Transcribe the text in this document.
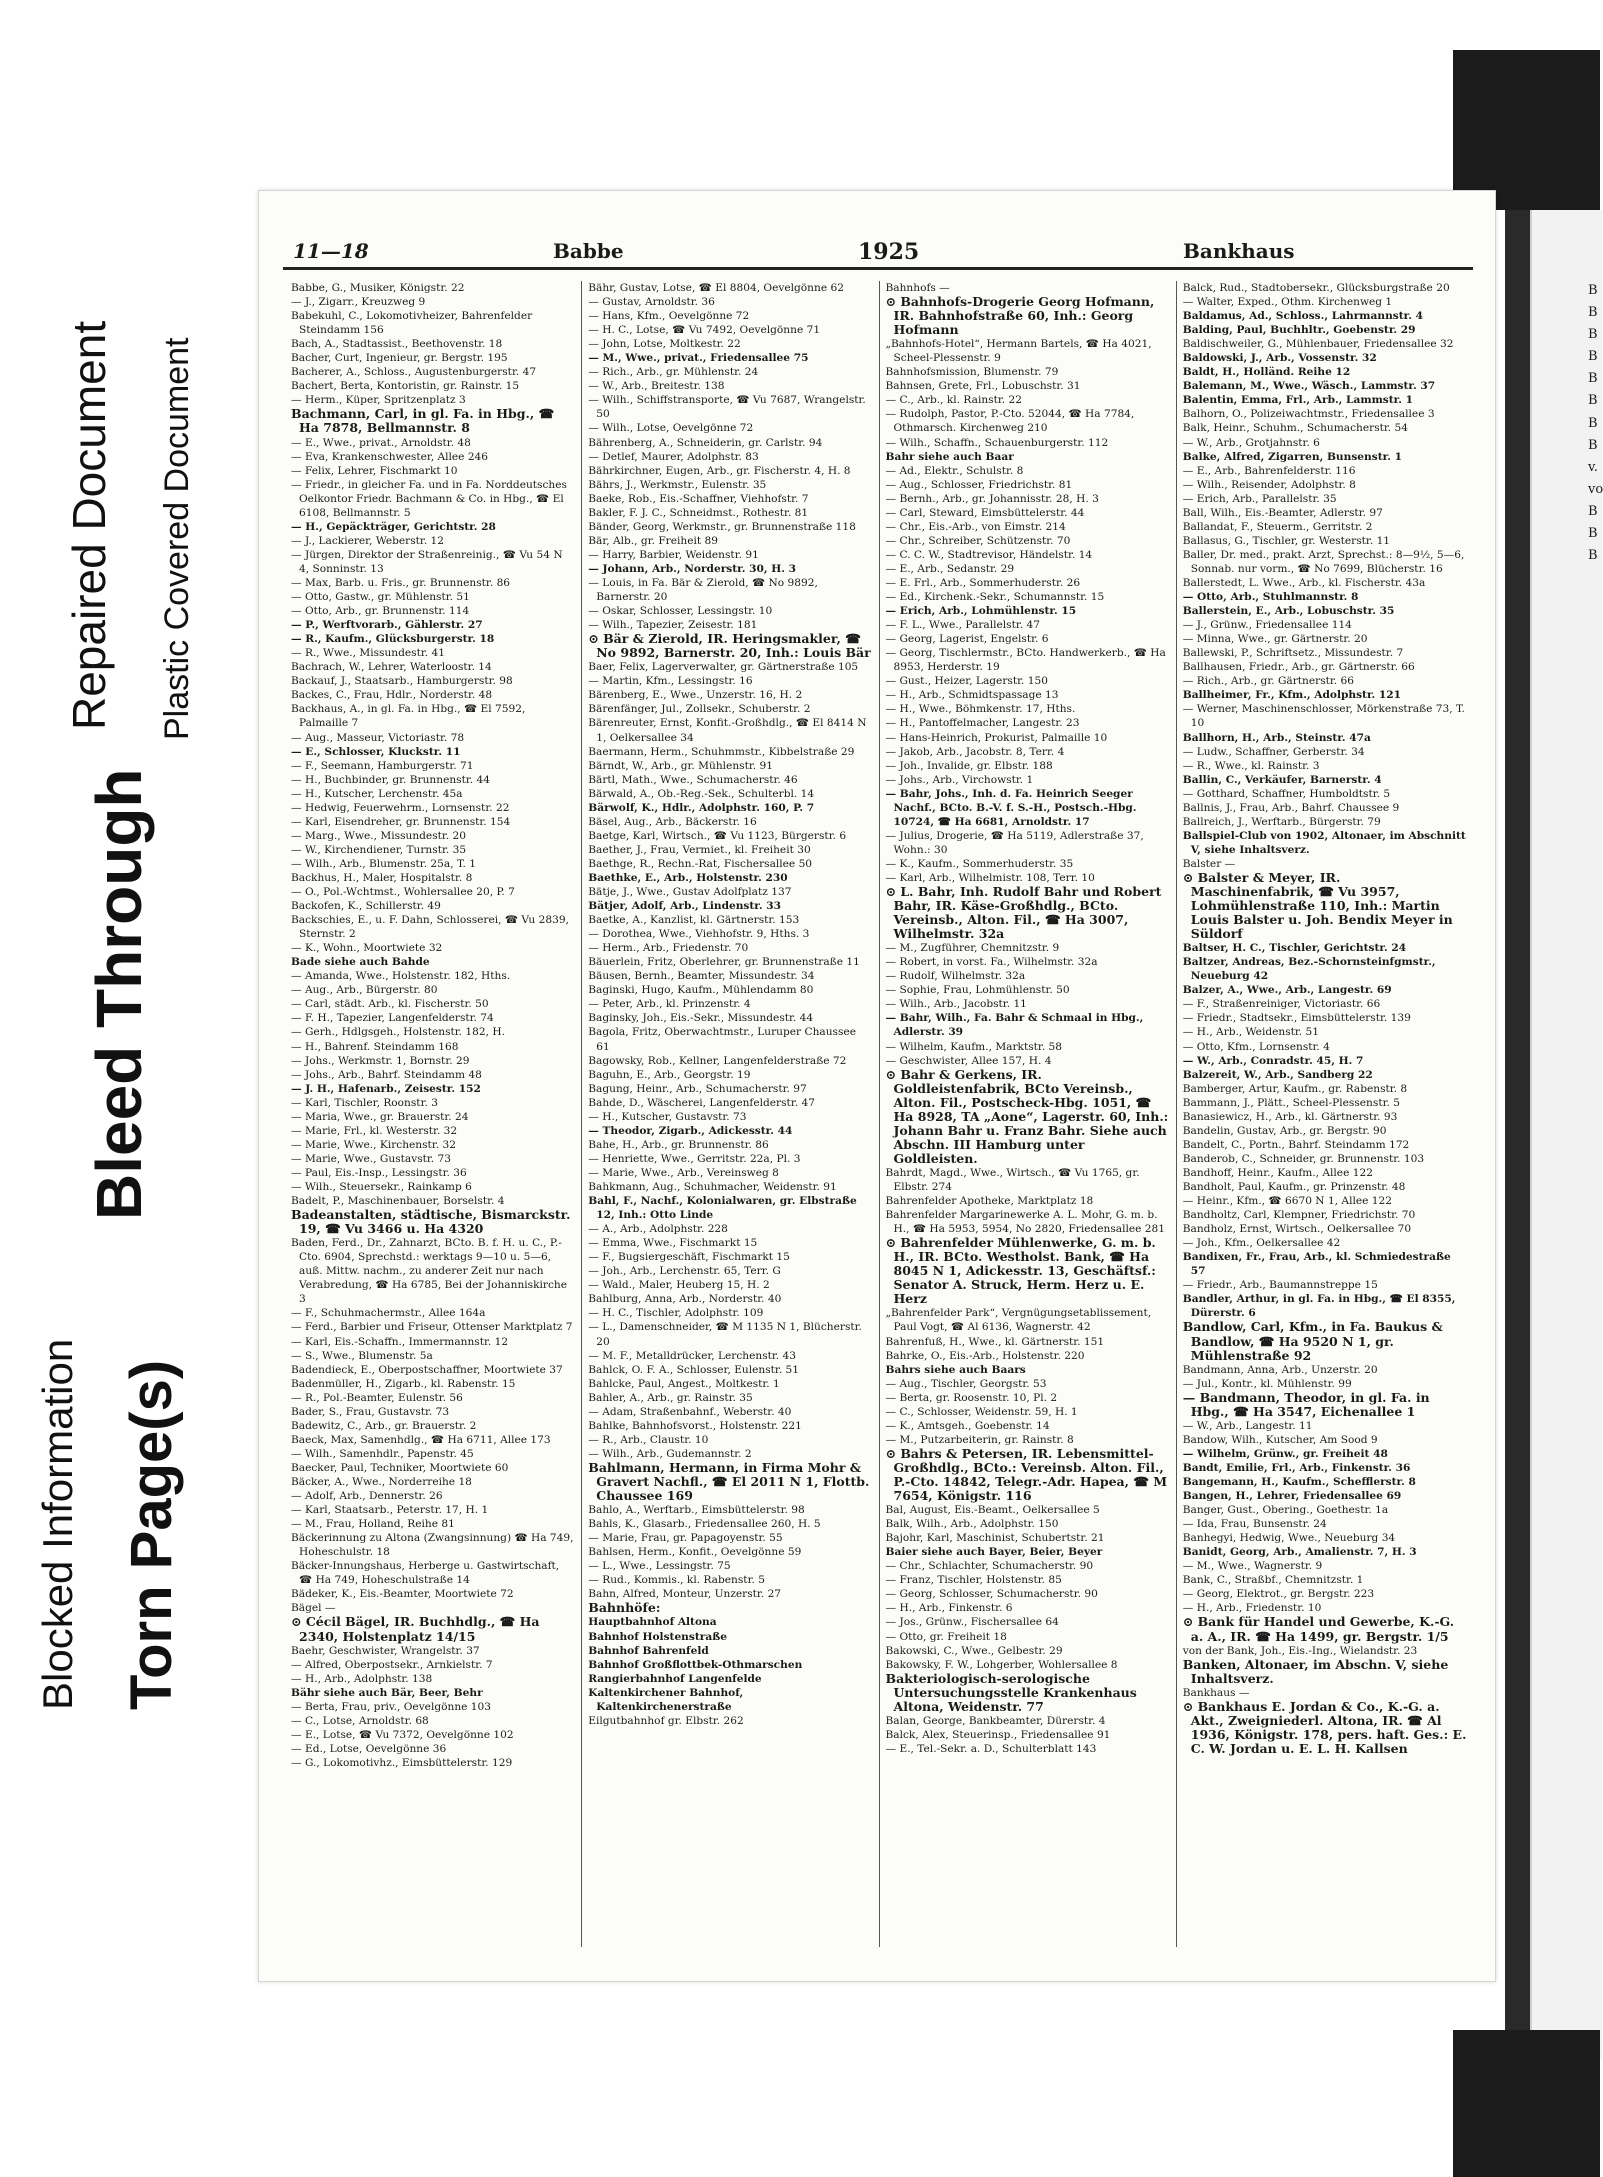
Repaired Document Plastic Covered Document
Bleed Through
Blocked Information Torn Page(s)
B
B
B
B
B
B
B
B
v.
vo
B
B
B
11—18	Babbe	1925	Bankhaus

Babbe, G., Musiker, Königstr. 22

— J., Zigarr., Kreuzweg 9

Babekuhl, C., Lokomotivheizer, Bahrenfelder Steindamm 156

Bach, A., Stadtassist., Beethovenstr. 18

Bacher, Curt, Ingenieur, gr. Bergstr. 195

Bacherer, A., Schloss., Augustenburgerstr. 47

Bachert, Berta, Kontoristin, gr. Rainstr. 15

— Herm., Küper, Spritzenplatz 3

Bachmann, Carl, in gl. Fa. in Hbg., ☎ Ha 7878, Bellmannstr. 8

— E., Wwe., privat., Arnoldstr. 48

— Eva, Krankenschwester, Allee 246

— Felix, Lehrer, Fischmarkt 10

— Friedr., in gleicher Fa. und in Fa. Norddeutsches Oelkontor Friedr. Bachmann & Co. in Hbg., ☎ El 6108, Bellmannstr. 5

— H., Gepäckträger, Gerichtstr. 28

— J., Lackierer, Weberstr. 12

— Jürgen, Direktor der Straßenreinig., ☎ Vu 54 N 4, Sonninstr. 13

— Max, Barb. u. Fris., gr. Brunnenstr. 86

— Otto, Gastw., gr. Mühlenstr. 51

— Otto, Arb., gr. Brunnenstr. 114

— P., Werftvorarb., Gählerstr. 27

— R., Kaufm., Glücksburgerstr. 18

— R., Wwe., Missundestr. 41

Bachrach, W., Lehrer, Waterloostr. 14

Backauf, J., Staatsarb., Hamburgerstr. 98

Backes, C., Frau, Hdlr., Norderstr. 48

Backhaus, A., in gl. Fa. in Hbg., ☎ El 7592, Palmaille 7

— Aug., Masseur, Victoriastr. 78

— E., Schlosser, Kluckstr. 11

— F., Seemann, Hamburgerstr. 71

— H., Buchbinder, gr. Brunnenstr. 44

— H., Kutscher, Lerchenstr. 45a

— Hedwig, Feuerwehrm., Lornsenstr. 22

— Karl, Eisendreher, gr. Brunnenstr. 154

— Marg., Wwe., Missundestr. 20

— W., Kirchendiener, Turnstr. 35

— Wilh., Arb., Blumenstr. 25a, T. 1

Backhus, H., Maler, Hospitalstr. 8

— O., Pol.-Wchtmst., Wohlersallee 20, P. 7

Backofen, K., Schillerstr. 49

Backschies, E., u. F. Dahn, Schlosserei, ☎ Vu 2839, Sternstr. 2

— K., Wohn., Moortwiete 32

Bade siehe auch Bahde

— Amanda, Wwe., Holstenstr. 182, Hths.

— Aug., Arb., Bürgerstr. 80

— Carl, städt. Arb., kl. Fischerstr. 50

— F. H., Tapezier, Langenfelderstr. 74

— Gerh., Hdlgsgeh., Holstenstr. 182, H.

— H., Bahrenf. Steindamm 168

— Johs., Werkmstr. 1, Bornstr. 29

— Johs., Arb., Bahrf. Steindamm 48

— J. H., Hafenarb., Zeisestr. 152

— Karl, Tischler, Roonstr. 3

— Maria, Wwe., gr. Brauerstr. 24

— Marie, Frl., kl. Westerstr. 32

— Marie, Wwe., Kirchenstr. 32

— Marie, Wwe., Gustavstr. 73

— Paul, Eis.-Insp., Lessingstr. 36

— Wilh., Steuersekr., Rainkamp 6

Badelt, P., Maschinenbauer, Borselstr. 4

Badeanstalten, städtische, Bismarckstr. 19, ☎ Vu 3466 u. Ha 4320

Baden, Ferd., Dr., Zahnarzt, BCto. B. f. H. u. C., P.-Cto. 6904, Sprechstd.: werktags 9—10 u. 5—6, auß. Mittw. nachm., zu anderer Zeit nur nach Verabredung, ☎ Ha 6785, Bei der Johanniskirche 3

— F., Schuhmachermstr., Allee 164a

— Ferd., Barbier und Friseur, Ottenser Marktplatz 7

— Karl, Eis.-Schaffn., Immermannstr. 12

— S., Wwe., Blumenstr. 5a

Badendieck, E., Oberpostschaffner, Moortwiete 37

Badenmüller, H., Zigarb., kl. Rabenstr. 15

— R., Pol.-Beamter, Eulenstr. 56

Bader, S., Frau, Gustavstr. 73

Badewitz, C., Arb., gr. Brauerstr. 2

Baeck, Max, Samenhdlg., ☎ Ha 6711, Allee 173

— Wilh., Samenhdlr., Papenstr. 45

Baecker, Paul, Techniker, Moortwiete 60

Bäcker, A., Wwe., Norderreihe 18

— Adolf, Arb., Dennerstr. 26

— Karl, Staatsarb., Peterstr. 17, H. 1

— M., Frau, Holland, Reihe 81

Bäckerinnung zu Altona (Zwangsinnung) ☎ Ha 749, Hoheschulstr. 18

Bäcker-Innungshaus, Herberge u. Gastwirtschaft, ☎ Ha 749, Hoheschulstraße 14

Bädeker, K., Eis.-Beamter, Moortwiete 72

Bägel —

⊙ Cécil Bägel, IR. Buchhdlg., ☎ Ha 2340, Holstenplatz 14/15

Baehr, Geschwister, Wrangelstr. 37

— Alfred, Oberpostsekr., Arnkielstr. 7

— H., Arb., Adolphstr. 138

Bähr siehe auch Bär, Beer, Behr

— Berta, Frau, priv., Oevelgönne 103

— C., Lotse, Arnoldstr. 68

— E., Lotse, ☎ Vu 7372, Oevelgönne 102

— Ed., Lotse, Oevelgönne 36

— G., Lokomotivhz., Eimsbüttelerstr. 129

Bähr, Gustav, Lotse, ☎ El 8804, Oevelgönne 62

— Gustav, Arnoldstr. 36

— Hans, Kfm., Oevelgönne 72

— H. C., Lotse, ☎ Vu 7492, Oevelgönne 71

— John, Lotse, Moltkestr. 22

— M., Wwe., privat., Friedensallee 75

— Rich., Arb., gr. Mühlenstr. 24

— W., Arb., Breitestr. 138

— Wilh., Schiffstransporte, ☎ Vu 7687, Wrangelstr. 50

— Wilh., Lotse, Oevelgönne 72

Bährenberg, A., Schneiderin, gr. Carlstr. 94

— Detlef, Maurer, Adolphstr. 83

Bährkirchner, Eugen, Arb., gr. Fischerstr. 4, H. 8

Bährs, J., Werkmstr., Eulenstr. 35

Baeke, Rob., Eis.-Schaffner, Viehhofstr. 7

Bakler, F. J. C., Schneidmst., Rothestr. 81

Bänder, Georg, Werkmstr., gr. Brunnenstraße 118

Bär, Alb., gr. Freiheit 89

— Harry, Barbier, Weidenstr. 91

— Johann, Arb., Norderstr. 30, H. 3

— Louis, in Fa. Bär & Zierold, ☎ Nо 9892, Barnerstr. 20

— Oskar, Schlosser, Lessingstr. 10

— Wilh., Tapezier, Zeisestr. 181

⊙ Bär & Zierold, IR. Heringsmakler, ☎ No 9892, Barnerstr. 20, Inh.: Louis Bär

Baer, Felix, Lagerverwalter, gr. Gärtnerstraße 105

— Martin, Kfm., Lessingstr. 16

Bärenberg, E., Wwe., Unzerstr. 16, H. 2

Bärenfänger, Jul., Zollsekr., Schuberstr. 2

Bärenreuter, Ernst, Konfit.-Großhdlg., ☎ El 8414 N 1, Oelkersallee 34

Baermann, Herm., Schuhmmstr., Kibbelstraße 29

Bärndt, W., Arb., gr. Mühlenstr. 91

Bärtl, Math., Wwe., Schumacherstr. 46

Bärwald, A., Ob.-Reg.-Sek., Schulterbl. 14

Bärwolf, K., Hdlr., Adolphstr. 160, P. 7

Bäsel, Aug., Arb., Bäckerstr. 16

Baetge, Karl, Wirtsch., ☎ Vu 1123, Bürgerstr. 6

Baether, J., Frau, Vermiet., kl. Freiheit 30

Baethge, R., Rechn.-Rat, Fischersallee 50

Baethke, E., Arb., Holstenstr. 230

Bätje, J., Wwe., Gustav Adolfplatz 137

Bätjer, Adolf, Arb., Lindenstr. 33

Baetke, A., Kanzlist, kl. Gärtnerstr. 153

— Dorothea, Wwe., Viehhofstr. 9, Hths. 3

— Herm., Arb., Friedenstr. 70

Bäuerlein, Fritz, Oberlehrer, gr. Brunnenstraße 11

Bäusen, Bernh., Beamter, Missundestr. 34

Baginski, Hugo, Kaufm., Mühlendamm 80

— Peter, Arb., kl. Prinzenstr. 4

Baginsky, Joh., Eis.-Sekr., Missundestr. 44

Bagola, Fritz, Oberwachtmstr., Luruper Chaussee 61

Bagowsky, Rob., Kellner, Langenfelderstraße 72

Baguhn, E., Arb., Georgstr. 19

Bagung, Heinr., Arb., Schumacherstr. 97

Bahde, D., Wäscherei, Langenfelderstr. 47

— H., Kutscher, Gustavstr. 73

— Theodor, Zigarb., Adickesstr. 44

Bahe, H., Arb., gr. Brunnenstr. 86

— Henriette, Wwe., Gerritstr. 22a, Pl. 3

— Marie, Wwe., Arb., Vereinsweg 8

Bahkmann, Aug., Schuhmacher, Weidenstr. 91

Bahl, F., Nachf., Kolonialwaren, gr. Elbstraße 12, Inh.: Otto Linde

— A., Arb., Adolphstr. 228

— Emma, Wwe., Fischmarkt 15

— F., Bugsiergeschäft, Fischmarkt 15

— Joh., Arb., Lerchenstr. 65, Terr. G

— Wald., Maler, Heuberg 15, H. 2

Bahlburg, Anna, Arb., Norderstr. 40

— H. C., Tischler, Adolphstr. 109

— L., Damenschneider, ☎ M 1135 N 1, Blücherstr. 20

— M. F., Metalldrücker, Lerchenstr. 43

Bahlck, O. F. A., Schlosser, Eulenstr. 51

Bahlcke, Paul, Angest., Moltkestr. 1

Bahler, A., Arb., gr. Rainstr. 35

— Adam, Straßenbahnf., Weberstr. 40

Bahlke, Bahnhofsvorst., Holstenstr. 221

— R., Arb., Claustr. 10

— Wilh., Arb., Gudemannstr. 2

Bahlmann, Hermann, in Firma Mohr & Gravert Nachfl., ☎ El 2011 N 1, Flottb. Chaussee 169

Bahlo, A., Werftarb., Eimsbüttelerstr. 98

Bahls, K., Glasarb., Friedensallee 260, H. 5

— Marie, Frau, gr. Papagoyenstr. 55

Bahlsen, Herm., Konfit., Oevelgönne 59

— L., Wwe., Lessingstr. 75

— Rud., Kommis., kl. Rabenstr. 5

Bahn, Alfred, Monteur, Unzerstr. 27

Bahnhöfe:

Hauptbahnhof Altona

Bahnhof Holstenstraße

Bahnhof Bahrenfeld

Bahnhof Großflottbek-Othmarschen

Rangierbahnhof Langenfelde

Kaltenkirchener Bahnhof, Kaltenkirchenerstraße

Eilgutbahnhof gr. Elbstr. 262

Bahnhofs —

⊙ Bahnhofs-Drogerie Georg Hofmann, IR. Bahnhofstraße 60, Inh.: Georg Hofmann

„Bahnhofs-Hotel“, Hermann Bartels, ☎ Ha 4021, Scheel-Plessenstr. 9

Bahnhofsmission, Blumenstr. 79

Bahnsen, Grete, Frl., Lobuschstr. 31

— C., Arb., kl. Rainstr. 22

— Rudolph, Pastor, P.-Cto. 52044, ☎ Ha 7784, Othmarsch. Kirchenweg 210

— Wilh., Schaffn., Schauenburgerstr. 112

Bahr siehe auch Baar

— Ad., Elektr., Schulstr. 8

— Aug., Schlosser, Friedrichstr. 81

— Bernh., Arb., gr. Johannisstr. 28, H. 3

— Carl, Steward, Eimsbüttelerstr. 44

— Chr., Eis.-Arb., von Eimstr. 214

— Chr., Schreiber, Schützenstr. 70

— C. C. W., Stadtrevisor, Händelstr. 14

— E., Arb., Sedanstr. 29

— E. Frl., Arb., Sommerhuderstr. 26

— Ed., Kirchenk.-Sekr., Schumannstr. 15

— Erich, Arb., Lohmühlenstr. 15

— F. L., Wwe., Parallelstr. 47

— Georg, Lagerist, Engelstr. 6

— Georg, Tischlermstr., BCto. Handwerkerb., ☎ Ha 8953, Herderstr. 19

— Gust., Heizer, Lagerstr. 150

— H., Arb., Schmidtspassage 13

— H., Wwe., Böhmkenstr. 17, Hths.

— H., Pantoffelmacher, Langestr. 23

— Hans-Heinrich, Prokurist, Palmaille 10

— Jakob, Arb., Jacobstr. 8, Terr. 4

— Joh., Invalide, gr. Elbstr. 188

— Johs., Arb., Virchowstr. 1

— Bahr, Johs., Inh. d. Fa. Heinrich Seeger Nachf., BCto. B.-V. f. S.-H., Postsch.-Hbg. 10724, ☎ Ha 6681, Arnoldstr. 17

— Julius, Drogerie, ☎ Ha 5119, Adlerstraße 37, Wohn.: 30

— K., Kaufm., Sommerhuderstr. 35

— Karl, Arb., Wilhelmistr. 108, Terr. 10

⊙ L. Bahr, Inh. Rudolf Bahr und Robert Bahr, IR. Käse-Großhdlg., BCto. Vereinsb., Alton. Fil., ☎ Ha 3007, Wilhelmstr. 32a

— M., Zugführer, Chemnitzstr. 9

— Robert, in vorst. Fa., Wilhelmstr. 32a

— Rudolf, Wilhelmstr. 32a

— Sophie, Frau, Lohmühlenstr. 50

— Wilh., Arb., Jacobstr. 11

— Bahr, Wilh., Fa. Bahr & Schmaal in Hbg., Adlerstr. 39

— Wilhelm, Kaufm., Marktstr. 58

— Geschwister, Allee 157, H. 4

⊙ Bahr & Gerkens, IR. Goldleistenfabrik, BCto Vereinsb., Alton. Fil., Postscheck-Hbg. 1051, ☎ Ha 8928, TA „Aone“, Lagerstr. 60, Inh.: Johann Bahr u. Franz Bahr. Siehe auch Abschn. III Hamburg unter Goldleisten.

Bahrdt, Magd., Wwe., Wirtsch., ☎ Vu 1765, gr. Elbstr. 274

Bahrenfelder Apotheke, Marktplatz 18

Bahrenfelder Margarinewerke A. L. Mohr, G. m. b. H., ☎ Ha 5953, 5954, No 2820, Friedensallee 281

⊙ Bahrenfelder Mühlenwerke, G. m. b. H., IR. BCto. Westholst. Bank, ☎ Ha 8045 N 1, Adickesstr. 13, Geschäftsf.: Senator A. Struck, Herm. Herz u. E. Herz

„Bahrenfelder Park“, Vergnügungsetablissement, Paul Vogt, ☎ Al 6136, Wagnerstr. 42

Bahrenfuß, H., Wwe., kl. Gärtnerstr. 151

Bahrke, O., Eis.-Arb., Holstenstr. 220

Bahrs siehe auch Baars

— Aug., Tischler, Georgstr. 53

— Berta, gr. Roosenstr. 10, Pl. 2

— C., Schlosser, Weidenstr. 59, H. 1

— K., Amtsgeh., Goebenstr. 14

— M., Putzarbeiterin, gr. Rainstr. 8

⊙ Bahrs & Petersen, IR. Lebensmittel-Großhdlg., BCto.: Vereinsb. Alton. Fil., P.-Cto. 14842, Telegr.-Adr. Hapea, ☎ M 7654, Königstr. 116

Bal, August, Eis.-Beamt., Oelkersallee 5

Balk, Wilh., Arb., Adolphstr. 150

Bajohr, Karl, Maschinist, Schubertstr. 21

Baier siehe auch Bayer, Beier, Beyer

— Chr., Schlachter, Schumacherstr. 90

— Franz, Tischler, Holstenstr. 85

— Georg, Schlosser, Schumacherstr. 90

— H., Arb., Finkenstr. 6

— Jos., Grünw., Fischersallee 64

— Otto, gr. Freiheit 18

Bakowski, C., Wwe., Gelbestr. 29

Bakowsky, F. W., Lohgerber, Wohlersallee 8

Bakteriologisch-serologische Untersuchungsstelle Krankenhaus Altona, Weidenstr. 77

Balan, George, Bankbeamter, Dürerstr. 4

Balck, Alex, Steuerinsp., Friedensallee 91

— E., Tel.-Sekr. a. D., Schulterblatt 143

Balck, Rud., Stadtobersekr., Glücksburgstraße 20

— Walter, Exped., Othm. Kirchenweg 1

Baldamus, Ad., Schloss., Lahrmannstr. 4

Balding, Paul, Buchhltr., Goebenstr. 29

Baldischweiler, G., Mühlenbauer, Friedensallee 32

Baldowski, J., Arb., Vossenstr. 32

Baldt, H., Holländ. Reihe 12

Balemann, M., Wwe., Wäsch., Lammstr. 37

Balentin, Emma, Frl., Arb., Lammstr. 1

Balhorn, O., Polizeiwachtmstr., Friedensallee 3

Balk, Heinr., Schuhm., Schumacherstr. 54

— W., Arb., Grotjahnstr. 6

Balke, Alfred, Zigarren, Bunsenstr. 1

— E., Arb., Bahrenfelderstr. 116

— Wilh., Reisender, Adolphstr. 8

— Erich, Arb., Parallelstr. 35

Ball, Wilh., Eis.-Beamter, Adlerstr. 97

Ballandat, F., Steuerm., Gerritstr. 2

Ballasus, G., Tischler, gr. Westerstr. 11

Baller, Dr. med., prakt. Arzt, Sprechst.: 8—9½, 5—6, Sonnab. nur vorm., ☎ No 7699, Blücherstr. 16

Ballerstedt, L. Wwe., Arb., kl. Fischerstr. 43a

— Otto, Arb., Stuhlmannstr. 8

Ballerstein, E., Arb., Lobuschstr. 35

— J., Grünw., Friedensallee 114

— Minna, Wwe., gr. Gärtnerstr. 20

Ballewski, P., Schriftsetz., Missundestr. 7

Ballhausen, Friedr., Arb., gr. Gärtnerstr. 66

— Rich., Arb., gr. Gärtnerstr. 66

Ballheimer, Fr., Kfm., Adolphstr. 121

— Werner, Maschinenschlosser, Mörkenstraße 73, T. 10

Ballhorn, H., Arb., Steinstr. 47a

— Ludw., Schaffner, Gerberstr. 34

— R., Wwe., kl. Rainstr. 3

Ballin, C., Verkäufer, Barnerstr. 4

— Gotthard, Schaffner, Humboldtstr. 5

Ballnis, J., Frau, Arb., Bahrf. Chaussee 9

Ballreich, J., Werftarb., Bürgerstr. 79

Ballspiel-Club von 1902, Altonaer, im Abschnitt V, siehe Inhaltsverz.

Balster —

⊙ Balster & Meyer, IR. Maschinenfabrik, ☎ Vu 3957, Lohmühlenstraße 110, Inh.: Martin Louis Balster u. Joh. Bendix Meyer in Süldorf

Baltser, H. C., Tischler, Gerichtstr. 24

Baltzer, Andreas, Bez.-Schornsteinfgmstr., Neueburg 42

Balzer, A., Wwe., Arb., Langestr. 69

— F., Straßenreiniger, Victoriastr. 66

— Friedr., Stadtsekr., Eimsbüttelerstr. 139

— H., Arb., Weidenstr. 51

— Otto, Kfm., Lornsenstr. 4

— W., Arb., Conradstr. 45, H. 7

Balzereit, W., Arb., Sandberg 22

Bamberger, Artur, Kaufm., gr. Rabenstr. 8

Bammann, J., Plätt., Scheel-Plessenstr. 5

Banasiewicz, H., Arb., kl. Gärtnerstr. 93

Bandelin, Gustav, Arb., gr. Bergstr. 90

Bandelt, C., Portn., Bahrf. Steindamm 172

Banderob, C., Schneider, gr. Brunnenstr. 103

Bandhoff, Heinr., Kaufm., Allee 122

Bandholt, Paul, Kaufm., gr. Prinzenstr. 48

— Heinr., Kfm., ☎ 6670 N 1, Allee 122

Bandholtz, Carl, Klempner, Friedrichstr. 70

Bandholz, Ernst, Wirtsch., Oelkersallee 70

— Joh., Kfm., Oelkersallee 42

Bandixen, Fr., Frau, Arb., kl. Schmiedestraße 57

— Friedr., Arb., Baumannstreppe 15

Bandler, Arthur, in gl. Fa. in Hbg., ☎ El 8355, Dürerstr. 6

Bandlow, Carl, Kfm., in Fa. Baukus & Bandlow, ☎ Ha 9520 N 1, gr. Mühlenstraße 92

Bandmann, Anna, Arb., Unzerstr. 20

— Jul., Kontr., kl. Mühlenstr. 99

— Bandmann, Theodor, in gl. Fa. in Hbg., ☎ Ha 3547, Eichenallee 1

— W., Arb., Langestr. 11

Bandow, Wilh., Kutscher, Am Sood 9

— Wilhelm, Grünw., gr. Freiheit 48

Bandt, Emilie, Frl., Arb., Finkenstr. 36

Bangemann, H., Kaufm., Schefflerstr. 8

Bangen, H., Lehrer, Friedensallee 69

Banger, Gust., Obering., Goethestr. 1a

— Ida, Frau, Bunsenstr. 24

Banhegyi, Hedwig, Wwe., Neueburg 34

Banidt, Georg, Arb., Amalienstr. 7, H. 3

— M., Wwe., Wagnerstr. 9

Bank, C., Straßbf., Chemnitzstr. 1

— Georg, Elektrot., gr. Bergstr. 223

— H., Arb., Friedenstr. 10

⊙ Bank für Handel und Gewerbe, K.-G. a. A., IR. ☎ Ha 1499, gr. Bergstr. 1/5

von der Bank, Joh., Eis.-Ing., Wielandstr. 23

Banken, Altonaer, im Abschn. V, siehe Inhaltsverz.

Bankhaus —

⊙ Bankhaus E. Jordan & Co., K.-G. a. Akt., Zweigniederl. Altona, IR. ☎ Al 1936, Königstr. 178, pers. haft. Ges.: E. C. W. Jordan u. E. L. H. Kallsen
